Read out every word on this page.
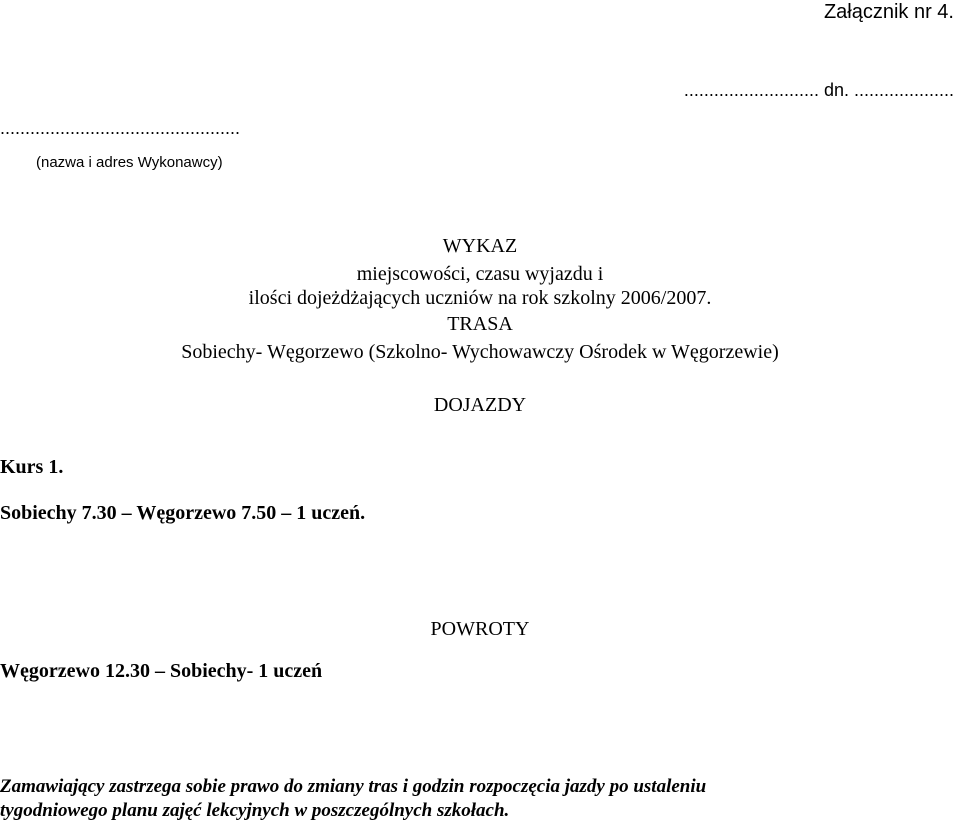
Załącznik nr 4.
........................... dn. ....................
................................................
(nazwa i adres Wykonawcy)
WYKAZ
miejscowości, czasu wyjazdu i
ilości dojeżdżających uczniów na rok szkolny 2006/2007.
TRASA
Sobiechy- Węgorzewo (Szkolno- Wychowawczy Ośrodek w Węgorzewie)
DOJAZDY
Kurs 1.
Sobiechy 7.30 – Węgorzewo 7.50 – 1 uczeń.
POWROTY
Węgorzewo 12.30 – Sobiechy- 1 uczeń
Zamawiający zastrzega sobie prawo do zmiany tras i godzin rozpoczęcia jazdy po ustaleniu
tygodniowego planu zajęć lekcyjnych w poszczególnych szkołach.
